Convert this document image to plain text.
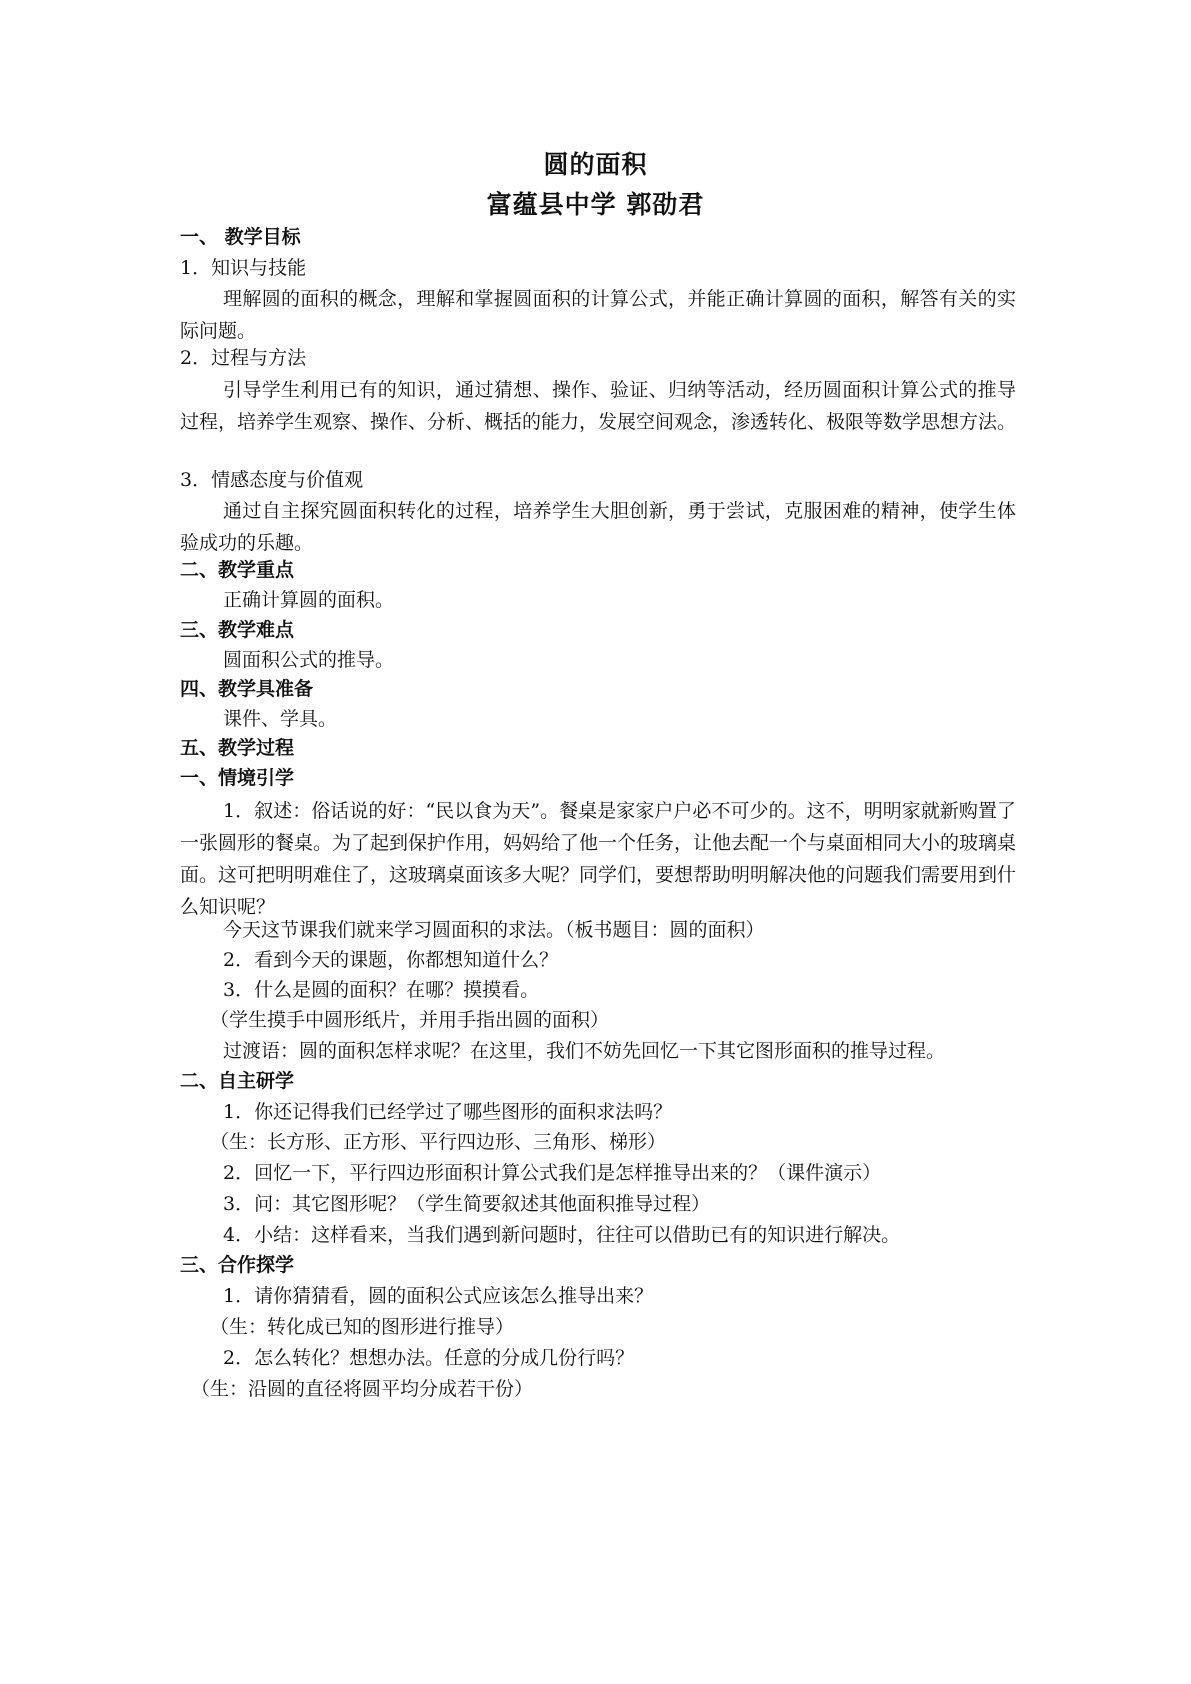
圆的面积
富蕴县中学 郭劭君
一、 教学目标
1．知识与技能
理解圆的面积的概念，理解和掌握圆面积的计算公式，并能正确计算圆的面积，解答有关的实际问题。
2．过程与方法
引导学生利用已有的知识，通过猜想、操作、验证、归纳等活动，经历圆面积计算公式的推导过程，培养学生观察、操作、分析、概括的能力，发展空间观念，渗透转化、极限等数学思想方法。
3．情感态度与价值观
通过自主探究圆面积转化的过程，培养学生大胆创新，勇于尝试，克服困难的精神，使学生体验成功的乐趣。
二、教学重点
正确计算圆的面积。
三、教学难点
圆面积公式的推导。
四、教学具准备
课件、学具。
五、教学过程
一、情境引学
1．叙述：俗话说的好：“民以食为天”。餐桌是家家户户必不可少的。这不，明明家就新购置了一张圆形的餐桌。为了起到保护作用，妈妈给了他一个任务，让他去配一个与桌面相同大小的玻璃桌面。这可把明明难住了，这玻璃桌面该多大呢？同学们，要想帮助明明解决他的问题我们需要用到什么知识呢？
今天这节课我们就来学习圆面积的求法。（板书题目：圆的面积）
2．看到今天的课题，你都想知道什么？
3．什么是圆的面积？在哪？摸摸看。
（学生摸手中圆形纸片，并用手指出圆的面积）
过渡语：圆的面积怎样求呢？在这里，我们不妨先回忆一下其它图形面积的推导过程。
二、自主研学
1．你还记得我们已经学过了哪些图形的面积求法吗？
（生：长方形、正方形、平行四边形、三角形、梯形）
2．回忆一下，平行四边形面积计算公式我们是怎样推导出来的？（课件演示）
3．问：其它图形呢？（学生简要叙述其他面积推导过程）
4．小结：这样看来，当我们遇到新问题时，往往可以借助已有的知识进行解决。
三、合作探学
1．请你猜猜看，圆的面积公式应该怎么推导出来？
（生：转化成已知的图形进行推导）
2．怎么转化？想想办法。任意的分成几份行吗？
（生：沿圆的直径将圆平均分成若干份）
